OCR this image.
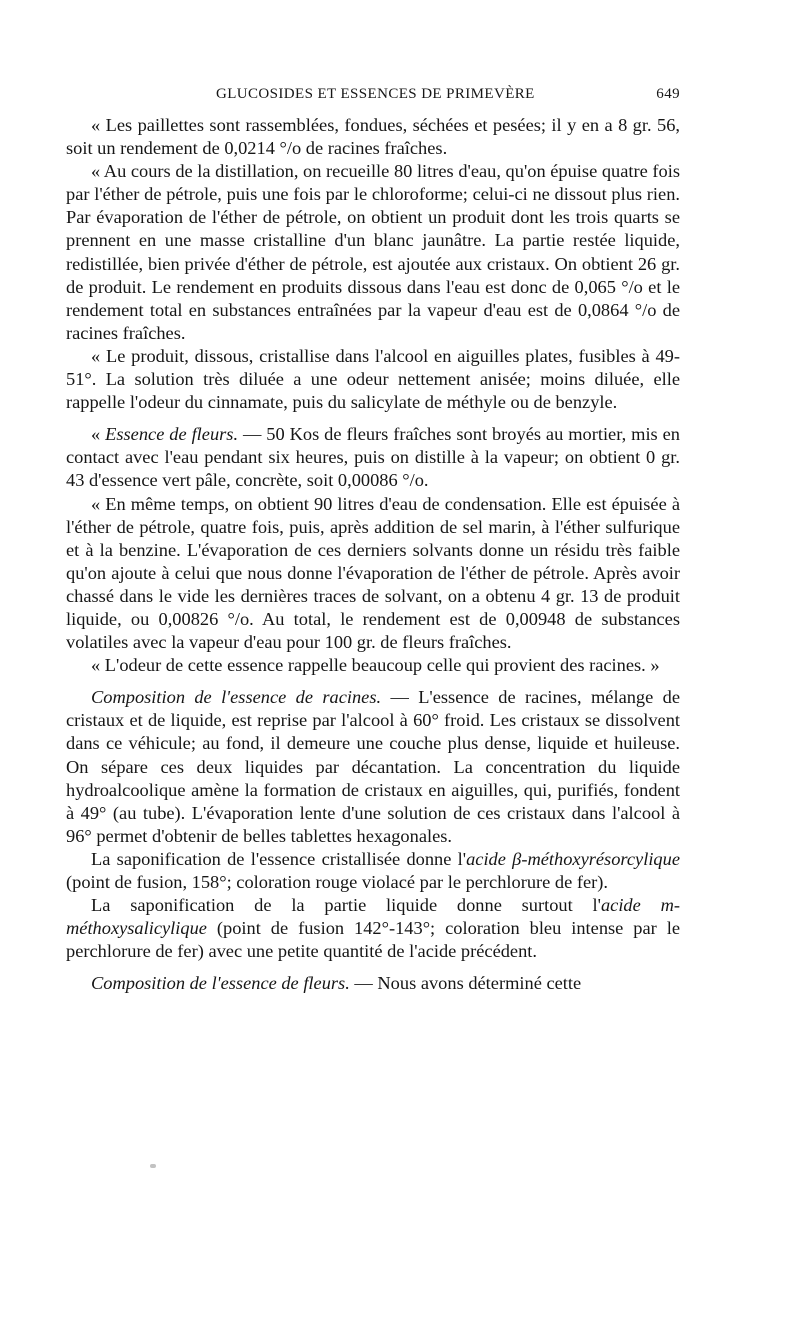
GLUCOSIDES ET ESSENCES DE PRIMEVÈRE	649

« Les paillettes sont rassemblées, fondues, séchées et pesées; il y en a 8 gr. 56, soit un rendement de 0,0214 °/o de racines fraîches.

« Au cours de la distillation, on recueille 80 litres d'eau, qu'on épuise quatre fois par l'éther de pétrole, puis une fois par le chloroforme; celui-ci ne dissout plus rien. Par évaporation de l'éther de pétrole, on obtient un produit dont les trois quarts se prennent en une masse cristalline d'un blanc jaunâtre. La partie restée liquide, redistillée, bien privée d'éther de pétrole, est ajoutée aux cristaux. On obtient 26 gr. de produit. Le rendement en produits dissous dans l'eau est donc de 0,065 °/o et le rendement total en substances entraînées par la vapeur d'eau est de 0,0864 °/o de racines fraîches.

« Le produit, dissous, cristallise dans l'alcool en aiguilles plates, fusibles à 49-51°. La solution très diluée a une odeur nettement anisée; moins diluée, elle rappelle l'odeur du cinnamate, puis du salicylate de méthyle ou de benzyle.

« Essence de fleurs. — 50 Kos de fleurs fraîches sont broyés au mortier, mis en contact avec l'eau pendant six heures, puis on distille à la vapeur; on obtient 0 gr. 43 d'essence vert pâle, concrète, soit 0,00086 °/o.

« En même temps, on obtient 90 litres d'eau de condensation. Elle est épuisée à l'éther de pétrole, quatre fois, puis, après addition de sel marin, à l'éther sulfurique et à la benzine. L'évaporation de ces derniers solvants donne un résidu très faible qu'on ajoute à celui que nous donne l'évaporation de l'éther de pétrole. Après avoir chassé dans le vide les dernières traces de solvant, on a obtenu 4 gr. 13 de produit liquide, ou 0,00826 °/o. Au total, le rendement est de 0,00948 de substances volatiles avec la vapeur d'eau pour 100 gr. de fleurs fraîches.

« L'odeur de cette essence rappelle beaucoup celle qui provient des racines. »

Composition de l'essence de racines. — L'essence de racines, mélange de cristaux et de liquide, est reprise par l'alcool à 60° froid. Les cristaux se dissolvent dans ce véhicule; au fond, il demeure une couche plus dense, liquide et huileuse. On sépare ces deux liquides par décantation. La concentration du liquide hydroalcoolique amène la formation de cristaux en aiguilles, qui, purifiés, fondent à 49° (au tube). L'évaporation lente d'une solution de ces cristaux dans l'alcool à 96° permet d'obtenir de belles tablettes hexagonales.

La saponification de l'essence cristallisée donne l'acide β-méthoxyrésorcylique (point de fusion, 158°; coloration rouge violacé par le perchlorure de fer).

La saponification de la partie liquide donne surtout l'acide m-méthoxysalicylique (point de fusion 142°-143°; coloration bleu intense par le perchlorure de fer) avec une petite quantité de l'acide précédent.

Composition de l'essence de fleurs. — Nous avons déterminé cette
